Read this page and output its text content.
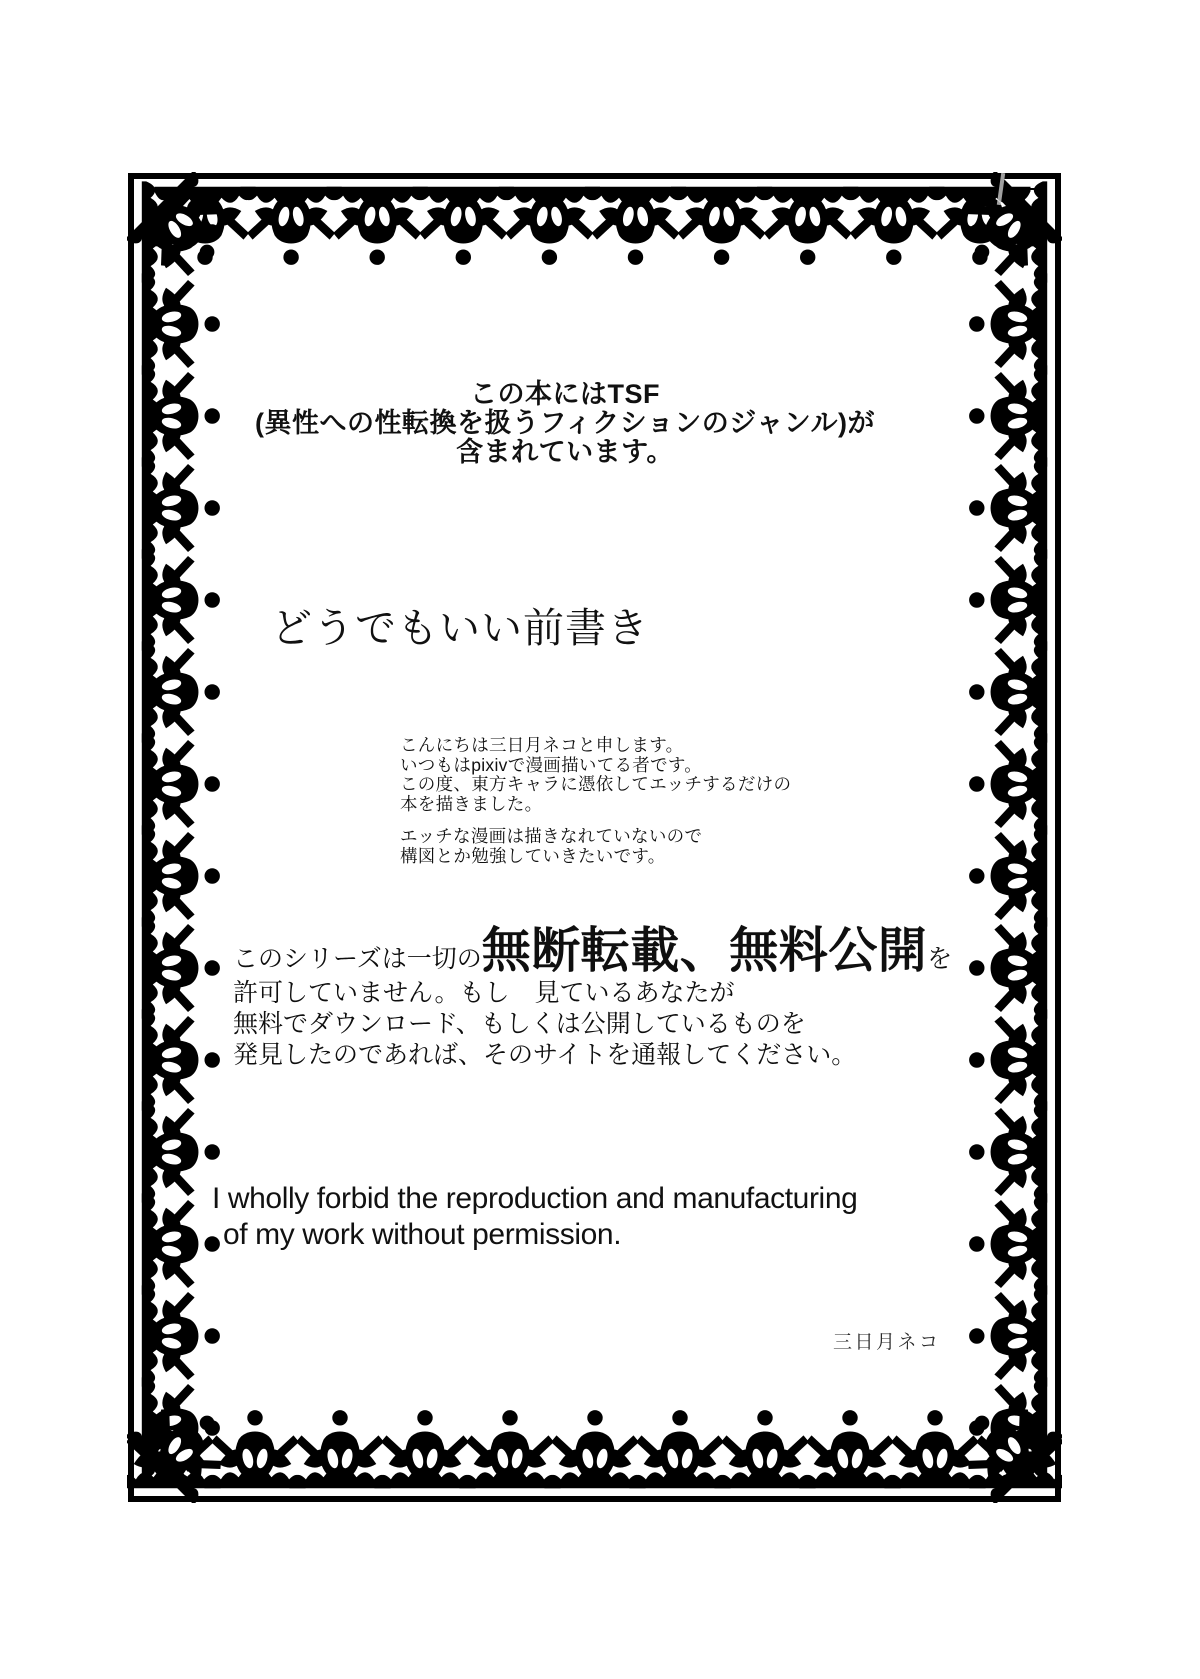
この本にはTSF
(異性への性転換を扱うフィクションのジャンル)が
含まれています。
どうでもいい前書き
こんにちは三日月ネコと申します。
いつもはpixivで漫画描いてる者です。
この度、東方キャラに憑依してエッチするだけの
本を描きました。
エッチな漫画は描きなれていないので
構図とか勉強していきたいです。
このシリーズは一切の無断転載、無料公開を
許可していません。もし　見ているあなたが
無料でダウンロード、もしくは公開しているものを
発見したのであれば、そのサイトを通報してください。
I wholly forbid the reproduction and manufacturing
of my work without permission.
三日月ネコ
